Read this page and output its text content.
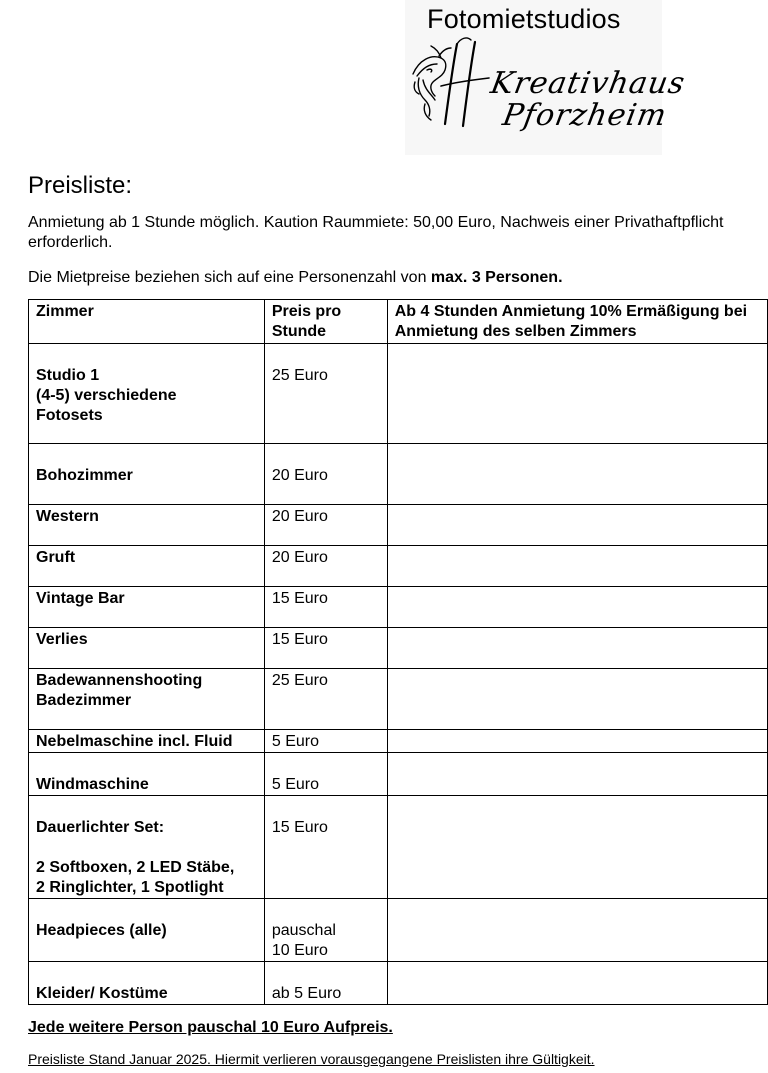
Fotomietstudios
Kreativhaus
Pforzheim
Preisliste:
Anmietung ab 1 Stunde möglich. Kaution Raummiete: 50,00 Euro, Nachweis einer Privathaftpflicht erforderlich.
Die Mietpreise beziehen sich auf eine Personenzahl von max. 3 Personen.
Zimmer	Preis pro Stunde	Ab 4 Stunden Anmietung 10% Ermäßigung bei Anmietung des selben Zimmers
Studio 1
(4-5) verschiedene
Fotosets	25 Euro	
Bohozimmer	20 Euro	
Western	20 Euro	
Gruft	20 Euro	
Vintage Bar	15 Euro	
Verlies	15 Euro	
Badewannenshooting
Badezimmer	25 Euro	
Nebelmaschine incl. Fluid	5 Euro	
Windmaschine	5 Euro	
Dauerlichter Set:
2 Softboxen, 2 LED Stäbe,
2 Ringlichter, 1 Spotlight	15 Euro	
Headpieces (alle)	pauschal
10 Euro	
Kleider/ Kostüme	ab 5 Euro	
Jede weitere Person pauschal 10 Euro Aufpreis.
Preisliste Stand Januar 2025. Hiermit verlieren vorausgegangene Preislisten ihre Gültigkeit.
